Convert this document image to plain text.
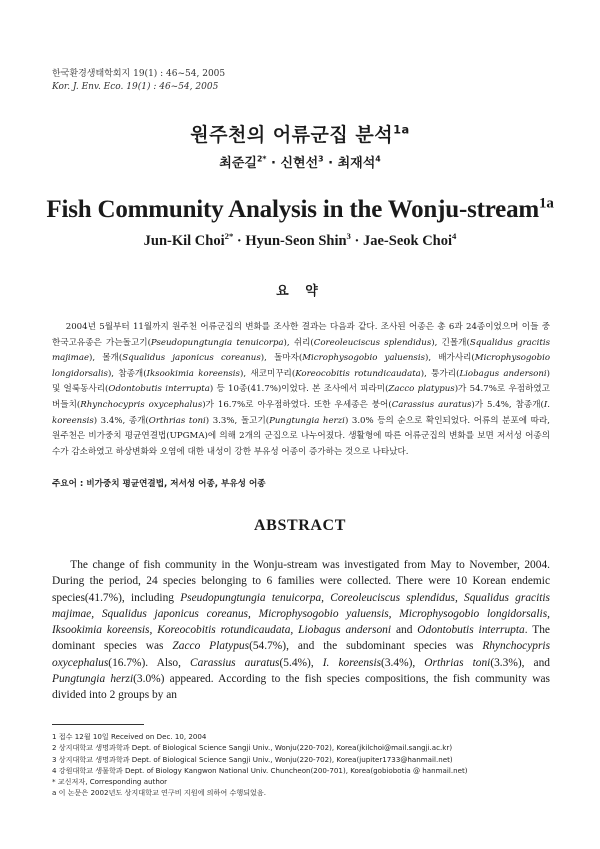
한국환경생태학회지 19(1) : 46~54, 2005
Kor. J. Env. Eco. 19(1) : 46~54, 2005
원주천의 어류군집 분석$^{1a}$
최준길$^{2*}$ · 신현선$^3$ · 최재석$^4$
Fish Community Analysis in the Wonju-stream$^{1a}$
Jun-Kil Choi$^{2*}$ · Hyun-Seon Shin$^3$ · Jae-Seok Choi$^4$
요 약

2004년 5월부터 11월까지 원주천 어류군집의 변화를 조사한 결과는 다음과 같다. 조사된 어종은 총 6과 24종이었으며 이들 중 한국고유종은 가는돌고기(Pseudopungtungia tenuicorpa), 쉬리(Coreoleuciscus splendidus), 긴몰개(Squalidus gracitis majimae), 몰개(Squalidus japonicus coreanus), 돌마자(Microphysogobio yaluensis), 배가사리(Microphysogobio longidorsalis), 참종개(Iksookimia koreensis), 새코미꾸리(Koreocobitis rotundicaudata), 퉁가리(Liobagus andersoni) 및 얼룩동사리(Odontobutis interrupta) 등 10종(41.7%)이었다. 본 조사에서 피라미(Zacco platypus)가 54.7%로 우점하였고 버들치(Rhynchocypris oxycephalus)가 16.7%로 아우점하였다. 또한 우세종은 붕어(Carassius auratus)가 5.4%, 참종개(I. koreensis) 3.4%, 종개(Orthrias toni) 3.3%, 돌고기(Pungtungia herzi) 3.0% 등의 순으로 확인되었다. 어류의 분포에 따라, 원주천은 비가중치 평균연결법(UPGMA)에 의해 2개의 군집으로 나누어졌다. 생활형에 따른 어류군집의 변화를 보면 저서성 어종의 수가 감소하였고 하상변화와 오염에 대한 내성이 강한 부유성 어종이 증가하는 것으로 나타났다.

주요어 : 비가중치 평균연결법, 저서성 어종, 부유성 어종
ABSTRACT

The change of fish community in the Wonju-stream was investigated from May to November, 2004. During the period, 24 species belonging to 6 families were collected. There were 10 Korean endemic species(41.7%), including Pseudopungtungia tenuicorpa, Coreoleuciscus splendidus, Squalidus gracitis majimae, Squalidus japonicus coreanus, Microphysogobio yaluensis, Microphysogobio longidorsalis, Iksookimia koreensis, Koreocobitis rotundicaudata, Liobagus andersoni and Odontobutis interrupta. The dominant species was Zacco Platypus(54.7%), and the subdominant species was Rhynchocypris oxycephalus(16.7%). Also, Carassius auratus(5.4%), I. koreensis(3.4%), Orthrias toni(3.3%), and Pungtungia herzi(3.0%) appeared. According to the fish species compositions, the fish community was divided into 2 groups by an

1 접수 12월 10일 Received on Dec. 10, 2004
2 상지대학교 생명과학과 Dept. of Biological Science Sangji Univ., Wonju(220-702), Korea(jkilchoi@mail.sangji.ac.kr)
3 상지대학교 생명과학과 Dept. of Biological Science Sangji Univ., Wonju(220-702), Korea(jupiter1733@hanmail.net)
4 강원대학교 생물학과 Dept. of Biology Kangwon National Univ. Chuncheon(200-701), Korea(gobiobotia @ hanmail.net)
* 교신저자, Corresponding author
a 이 논문은 2002년도 상지대학교 연구비 지원에 의하여 수행되었음.
